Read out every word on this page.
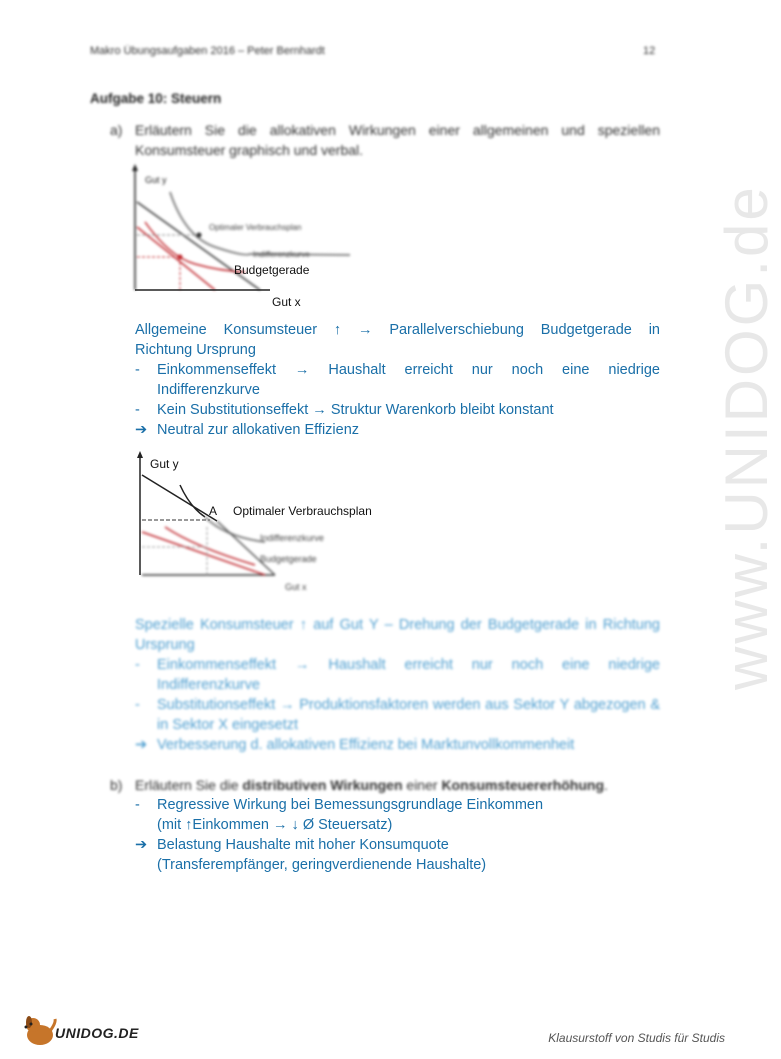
Makro Übungsaufgaben 2016 – Peter Bernhardt	12
Aufgabe 10: Steuern
a) Erläutern Sie die allokativen Wirkungen einer allgemeinen und speziellen Konsumsteuer graphisch und verbal.
Gut y
Optimaler Verbrauchsplan
Indifferenzkurve
Budgetgerade
Gut x
Allgemeine Konsumsteuer ↑ → Parallelverschiebung Budgetgerade in
Richtung Ursprung
- Einkommenseffekt → Haushalt erreicht nur noch eine niedrige Indifferenzkurve
- Kein Substitutionseffekt → Struktur Warenkorb bleibt konstant
➔ Neutral zur allokativen Effizienz
Gut y
A Optimaler Verbrauchsplan
Indifferenzkurve
Budgetgerade
Gut x
Spezielle Konsumsteuer ↑ auf Gut Y – Drehung der Budgetgerade in Richtung
Ursprung
- Einkommenseffekt → Haushalt erreicht nur noch eine niedrige Indifferenzkurve
- Substitutionseffekt → Produktionsfaktoren werden aus Sektor Y abgezogen & in Sektor X eingesetzt
➔ Verbesserung d. allokativen Effizienz bei Marktunvollkommenheit
b) Erläutern Sie die distributiven Wirkungen einer Konsumsteuererhöhung.
- Regressive Wirkung bei Bemessungsgrundlage Einkommen
(mit ↑Einkommen → ↓ Ø Steuersatz)
➔ Belastung Haushalte mit hoher Konsumquote
(Transferempfänger, geringverdienende Haushalte)
www.UNIDOG.de
UNIDOG.DE	Klausurstoff von Studis für Studis
